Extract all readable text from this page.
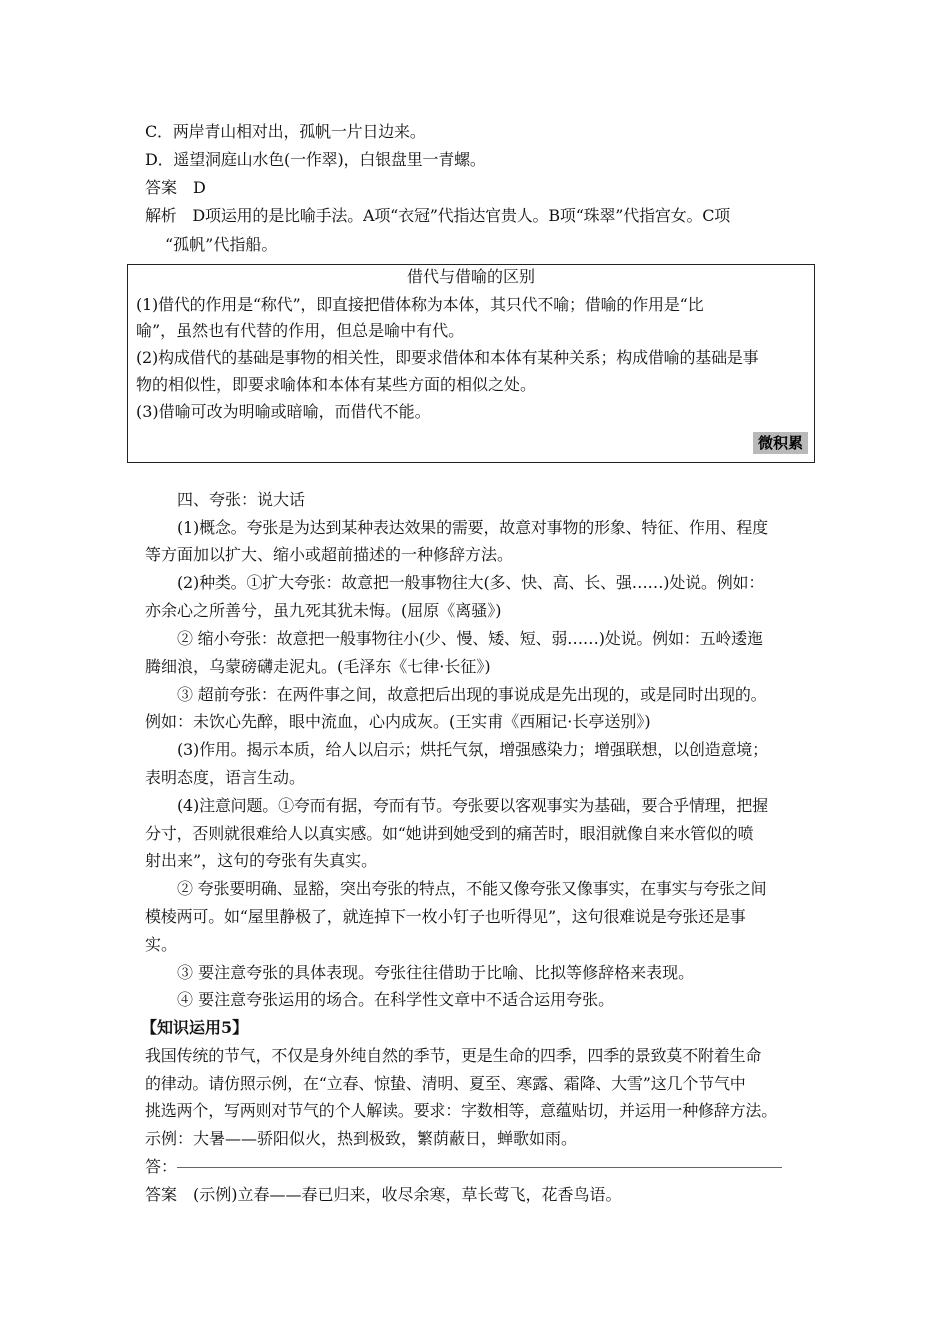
C．两岸青山相对出，孤帆一片日边来。
D．遥望洞庭山水色(一作翠)，白银盘里一青螺。
答案　D
解析　D项运用的是比喻手法。A项“衣冠”代指达官贵人。B项“珠翠”代指宫女。C项
“孤帆”代指船。
借代与借喻的区别
(1)借代的作用是“称代”，即直接把借体称为本体，其只代不喻；借喻的作用是“比
喻”，虽然也有代替的作用，但总是喻中有代。
(2)构成借代的基础是事物的相关性，即要求借体和本体有某种关系；构成借喻的基础是事
物的相似性，即要求喻体和本体有某些方面的相似之处。
(3)借喻可改为明喻或暗喻，而借代不能。
微积累
四、夸张：说大话
(1)概念。夸张是为达到某种表达效果的需要，故意对事物的形象、特征、作用、程度
等方面加以扩大、缩小或超前描述的一种修辞方法。
(2)种类。①扩大夸张：故意把一般事物往大(多、快、高、长、强……)处说。例如：
亦余心之所善兮，虽九死其犹未悔。(屈原《离骚》)
② 缩小夸张：故意把一般事物往小(少、慢、矮、短、弱……)处说。例如：五岭逶迤
腾细浪，乌蒙磅礴走泥丸。(毛泽东《七律·长征》)
③ 超前夸张：在两件事之间，故意把后出现的事说成是先出现的，或是同时出现的。
例如：未饮心先醉，眼中流血，心内成灰。(王实甫《西厢记·长亭送别》)
(3)作用。揭示本质，给人以启示；烘托气氛，增强感染力；增强联想，以创造意境；
表明态度，语言生动。
(4)注意问题。①夸而有据，夸而有节。夸张要以客观事实为基础，要合乎情理，把握
分寸，否则就很难给人以真实感。如“她讲到她受到的痛苦时，眼泪就像自来水管似的喷
射出来”，这句的夸张有失真实。
② 夸张要明确、显豁，突出夸张的特点，不能又像夸张又像事实，在事实与夸张之间
模棱两可。如“屋里静极了，就连掉下一枚小钉子也听得见”，这句很难说是夸张还是事
实。
③ 要注意夸张的具体表现。夸张往往借助于比喻、比拟等修辞格来表现。
④ 要注意夸张运用的场合。在科学性文章中不适合运用夸张。
【知识运用5】
我国传统的节气，不仅是身外纯自然的季节，更是生命的四季，四季的景致莫不附着生命
的律动。请仿照示例，在“立春、惊蛰、清明、夏至、寒露、霜降、大雪”这几个节气中
挑选两个，写两则对节气的个人解读。要求：字数相等，意蕴贴切，并运用一种修辞方法。
示例：大暑——骄阳似火，热到极致，繁荫蔽日，蝉歌如雨。
答：
答案　(示例)立春——春已归来，收尽余寒，草长莺飞，花香鸟语。
